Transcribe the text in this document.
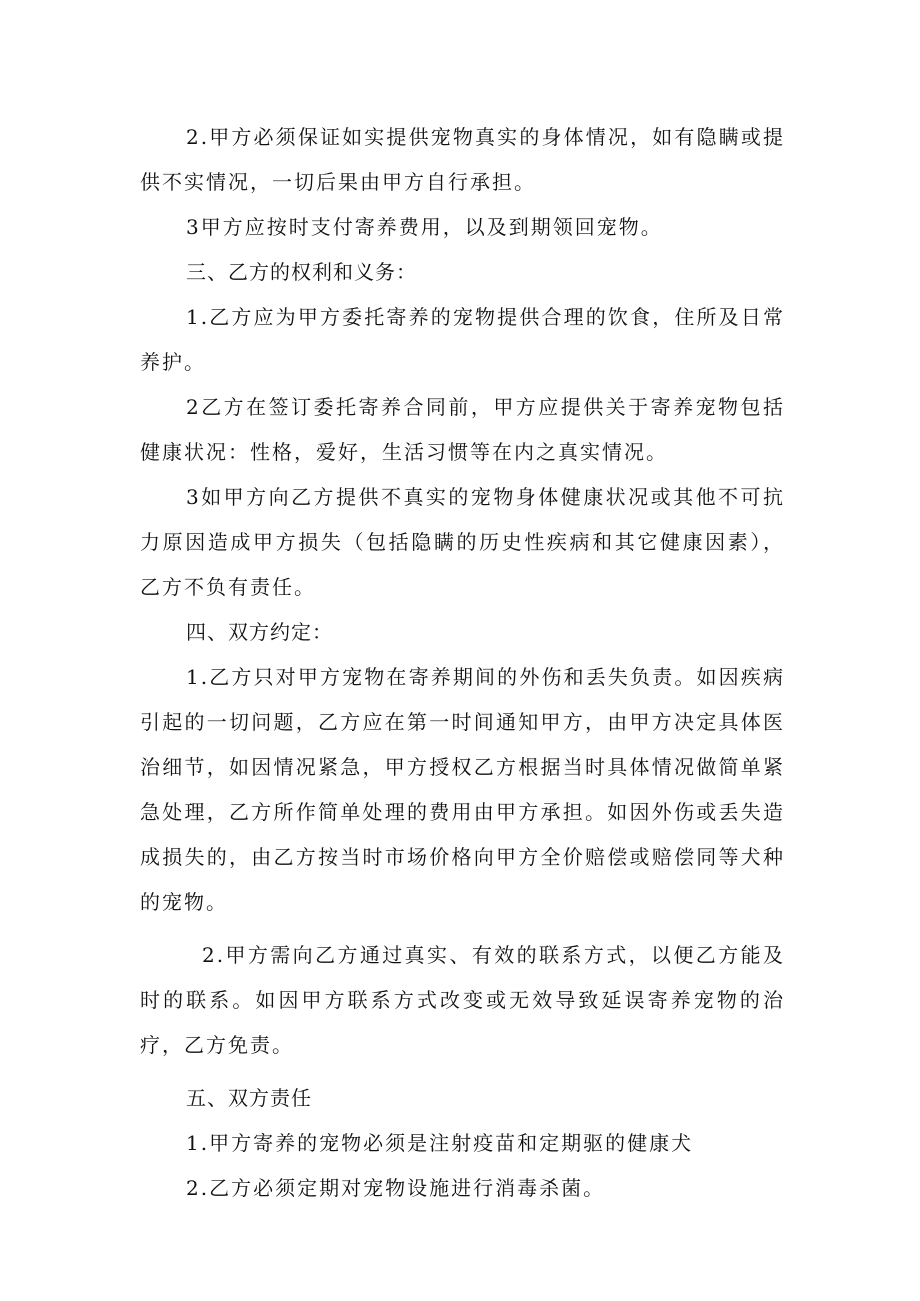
2.甲方必须保证如实提供宠物真实的身体情况，如有隐瞒或提供不实情况，一切后果由甲方自行承担。

3甲方应按时支付寄养费用，以及到期领回宠物。

三、乙方的权利和义务：

1.乙方应为甲方委托寄养的宠物提供合理的饮食，住所及日常养护。

2乙方在签订委托寄养合同前，甲方应提供关于寄养宠物包括健康状况：性格，爱好，生活习惯等在内之真实情况。

3如甲方向乙方提供不真实的宠物身体健康状况或其他不可抗力原因造成甲方损失（包括隐瞒的历史性疾病和其它健康因素），乙方不负有责任。

四、双方约定：

1.乙方只对甲方宠物在寄养期间的外伤和丢失负责。如因疾病引起的一切问题，乙方应在第一时间通知甲方，由甲方决定具体医治细节，如因情况紧急，甲方授权乙方根据当时具体情况做简单紧急处理，乙方所作简单处理的费用由甲方承担。如因外伤或丢失造成损失的，由乙方按当时市场价格向甲方全价赔偿或赔偿同等犬种的宠物。

2.甲方需向乙方通过真实、有效的联系方式，以便乙方能及时的联系。如因甲方联系方式改变或无效导致延误寄养宠物的治疗，乙方免责。

五、双方责任

1.甲方寄养的宠物必须是注射疫苗和定期驱的健康犬

2.乙方必须定期对宠物设施进行消毒杀菌。
